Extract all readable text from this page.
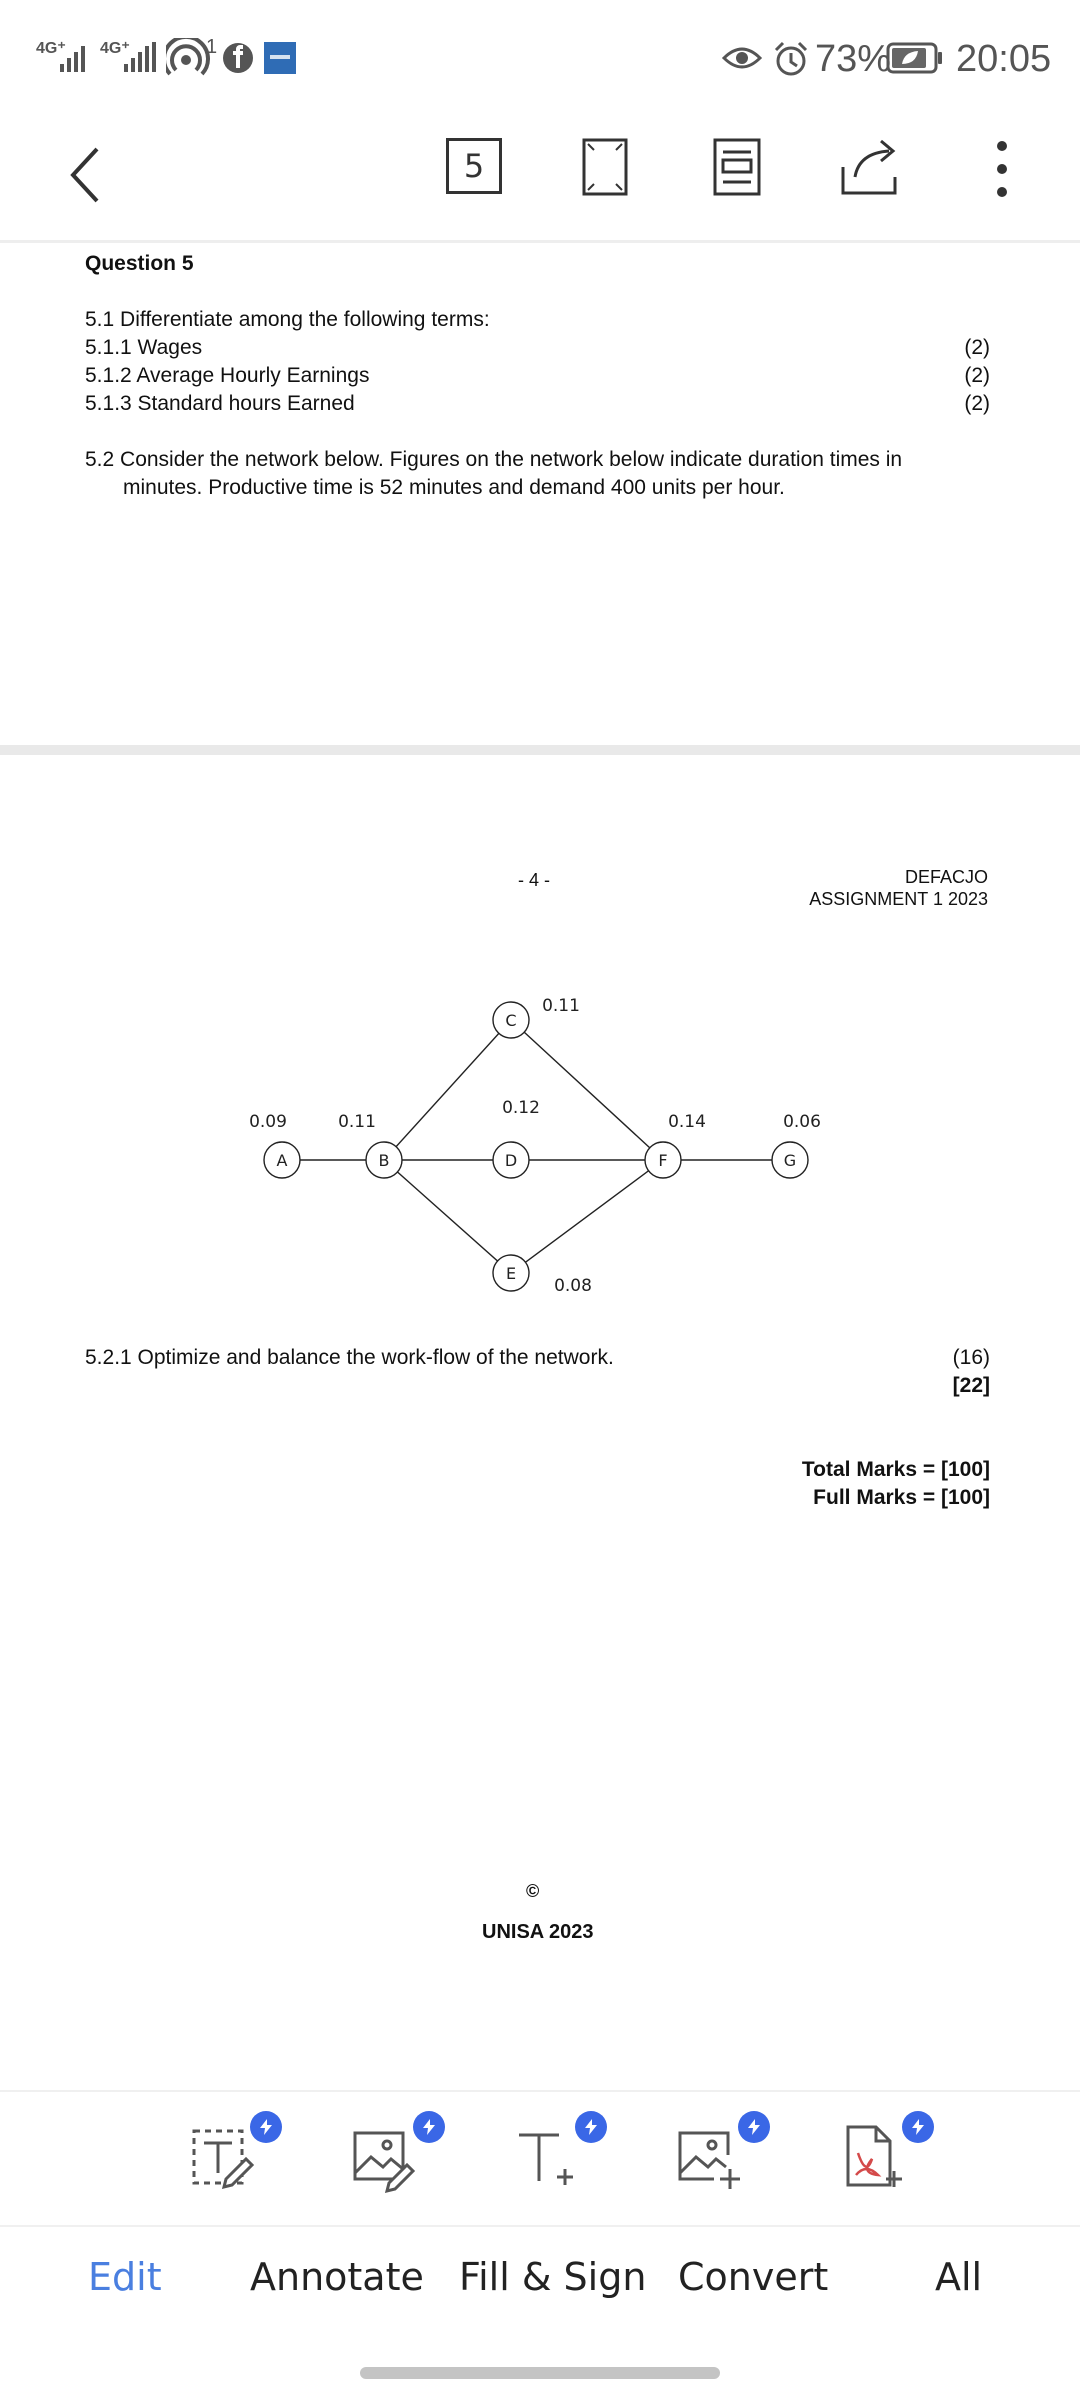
4G⁺ 4G⁺	1	73% 20:05
5
Question 5
5.1 Differentiate among the following terms:
5.1.1 Wages	(2)
5.1.2 Average Hourly Earnings	(2)
5.1.3 Standard hours Earned	(2)
5.2 Consider the network below. Figures on the network below indicate duration times in
minutes. Productive time is 52 minutes and demand 400 units per hour.
- 4 -	DEFACJO
ASSIGNMENT 1 2023
A
0.09
B
0.11
C
0.11
D
0.12
E
0.08
F
0.14
G
0.06
5.2.1 Optimize and balance the work-flow of the network.	(16)
[22]
Total Marks = [100]
Full Marks = [100]
©
UNISA 2023
Edit Annotate Fill & Sign Convert	All
